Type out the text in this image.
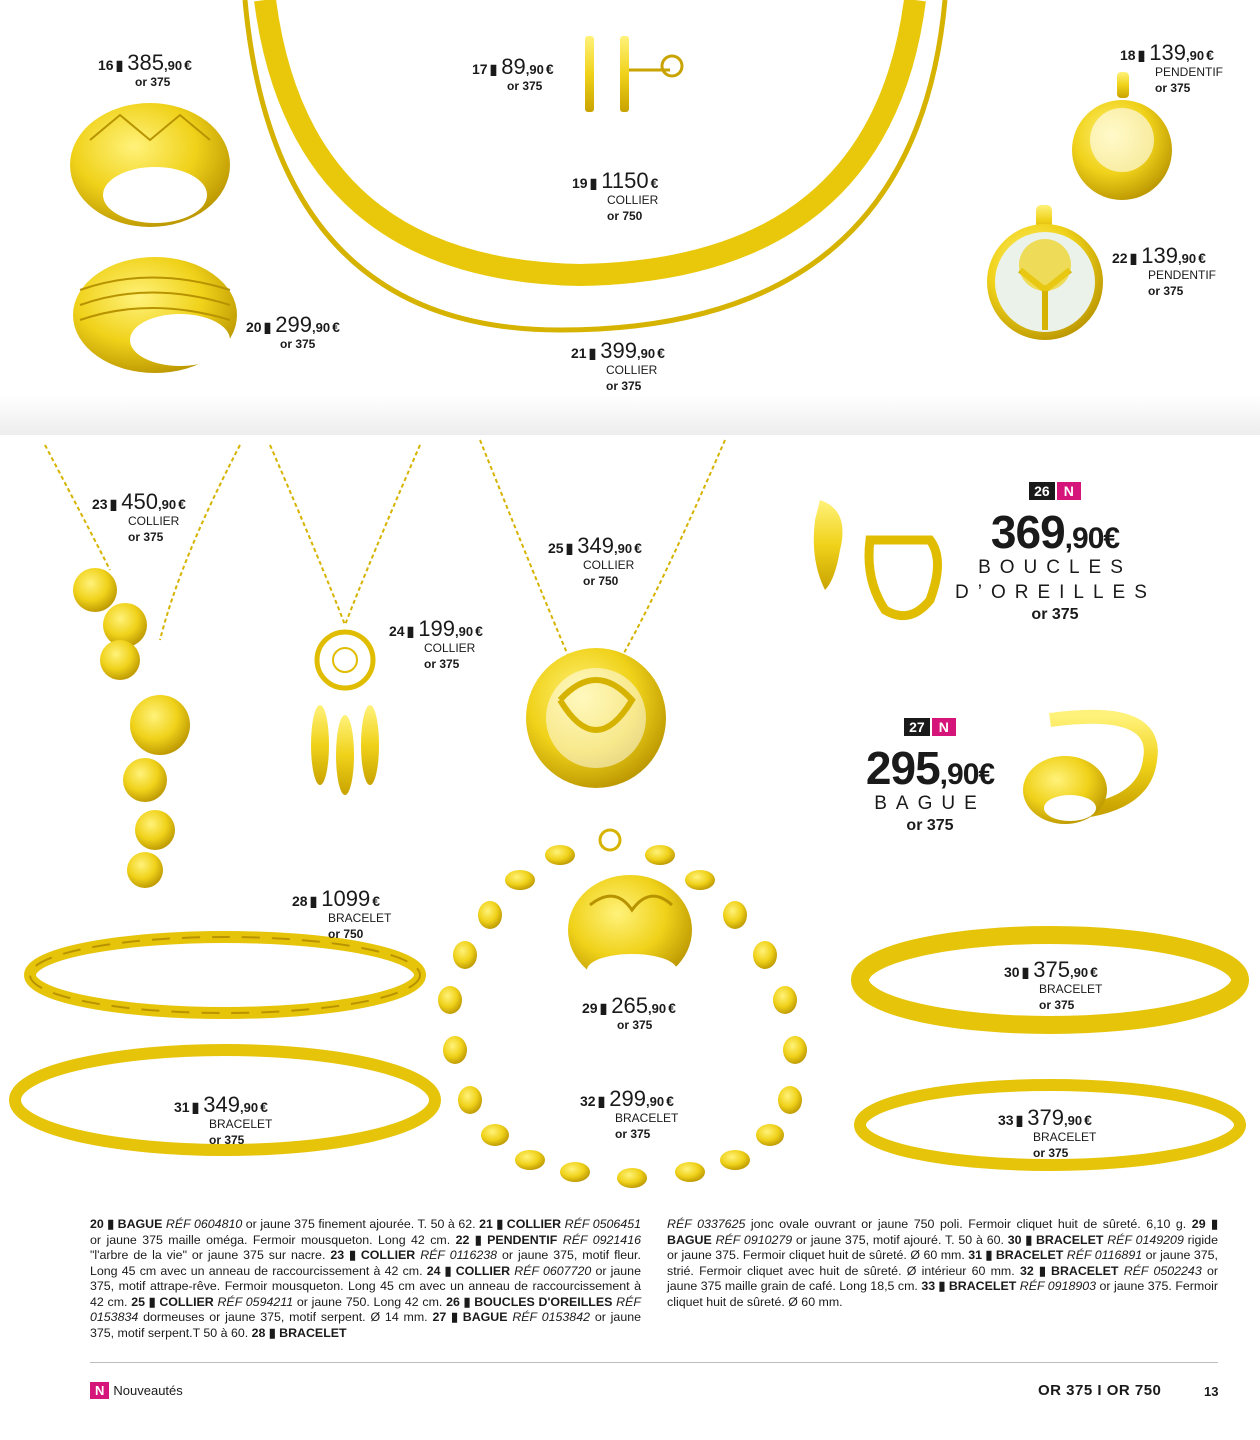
16 ▮ 385,90 €
or 375
17 ▮ 89,90 €
or 375
18 ▮ 139,90 €
PENDENTIF
or 375
19 ▮ 1150 €
COLLIER
or 750
20 ▮ 299,90 €
or 375
21 ▮ 399,90 €
COLLIER
or 375
22 ▮ 139,90 €
PENDENTIF
or 375
23 ▮ 450,90 €
COLLIER
or 375
24 ▮ 199,90 €
COLLIER
or 375
25 ▮ 349,90 €
COLLIER
or 750
28 ▮ 1099 €
BRACELET
or 750
29 ▮ 265,90 €
or 375
30 ▮ 375,90 €
BRACELET
or 375
31 ▮ 349,90 €
BRACELET
or 375
32 ▮ 299,90 €
BRACELET
or 375
33 ▮ 379,90 €
BRACELET
or 375
26 N
369,90€
BOUCLES
D’OREILLES
or 375
27 N
295,90€
BAGUE
or 375
20 ▮ BAGUE RÉF 0604810 or jaune 375 finement ajourée. T. 50 à 62. 21 ▮ COLLIER RÉF 0506451 or jaune 375 maille oméga. Fermoir mousqueton. Long 42 cm. 22 ▮ PENDENTIF RÉF 0921416 "l'arbre de la vie" or jaune 375 sur nacre. 23 ▮ COLLIER RÉF 0116238 or jaune 375, motif fleur. Long 45 cm avec un anneau de raccourcissement à 42 cm. 24 ▮ COLLIER RÉF 0607720 or jaune 375, motif attrape-rêve. Fermoir mousqueton. Long 45 cm avec un anneau de raccourcissement à 42 cm. 25 ▮ COLLIER RÉF 0594211 or jaune 750. Long 42 cm. 26 ▮ BOUCLES D'OREILLES RÉF 0153834 dormeuses or jaune 375, motif serpent. Ø 14 mm. 27 ▮ BAGUE RÉF 0153842 or jaune 375, motif serpent.T 50 à 60. 28 ▮ BRACELET
RÉF 0337625 jonc ovale ouvrant or jaune 750 poli. Fermoir cliquet huit de sûreté. 6,10 g. 29 ▮ BAGUE RÉF 0910279 or jaune 375, motif ajouré. T. 50 à 60. 30 ▮ BRACELET RÉF 0149209 rigide or jaune 375. Fermoir cliquet huit de sûreté. Ø 60 mm. 31 ▮ BRACELET RÉF 0116891 or jaune 375, strié. Fermoir cliquet avec huit de sûreté. Ø intérieur 60 mm. 32 ▮ BRACELET RÉF 0502243 or jaune 375 maille grain de café. Long 18,5 cm. 33 ▮ BRACELET RÉF 0918903 or jaune 375. Fermoir cliquet huit de sûreté. Ø 60 mm.
N Nouveautés	OR 375 I OR 750	13
